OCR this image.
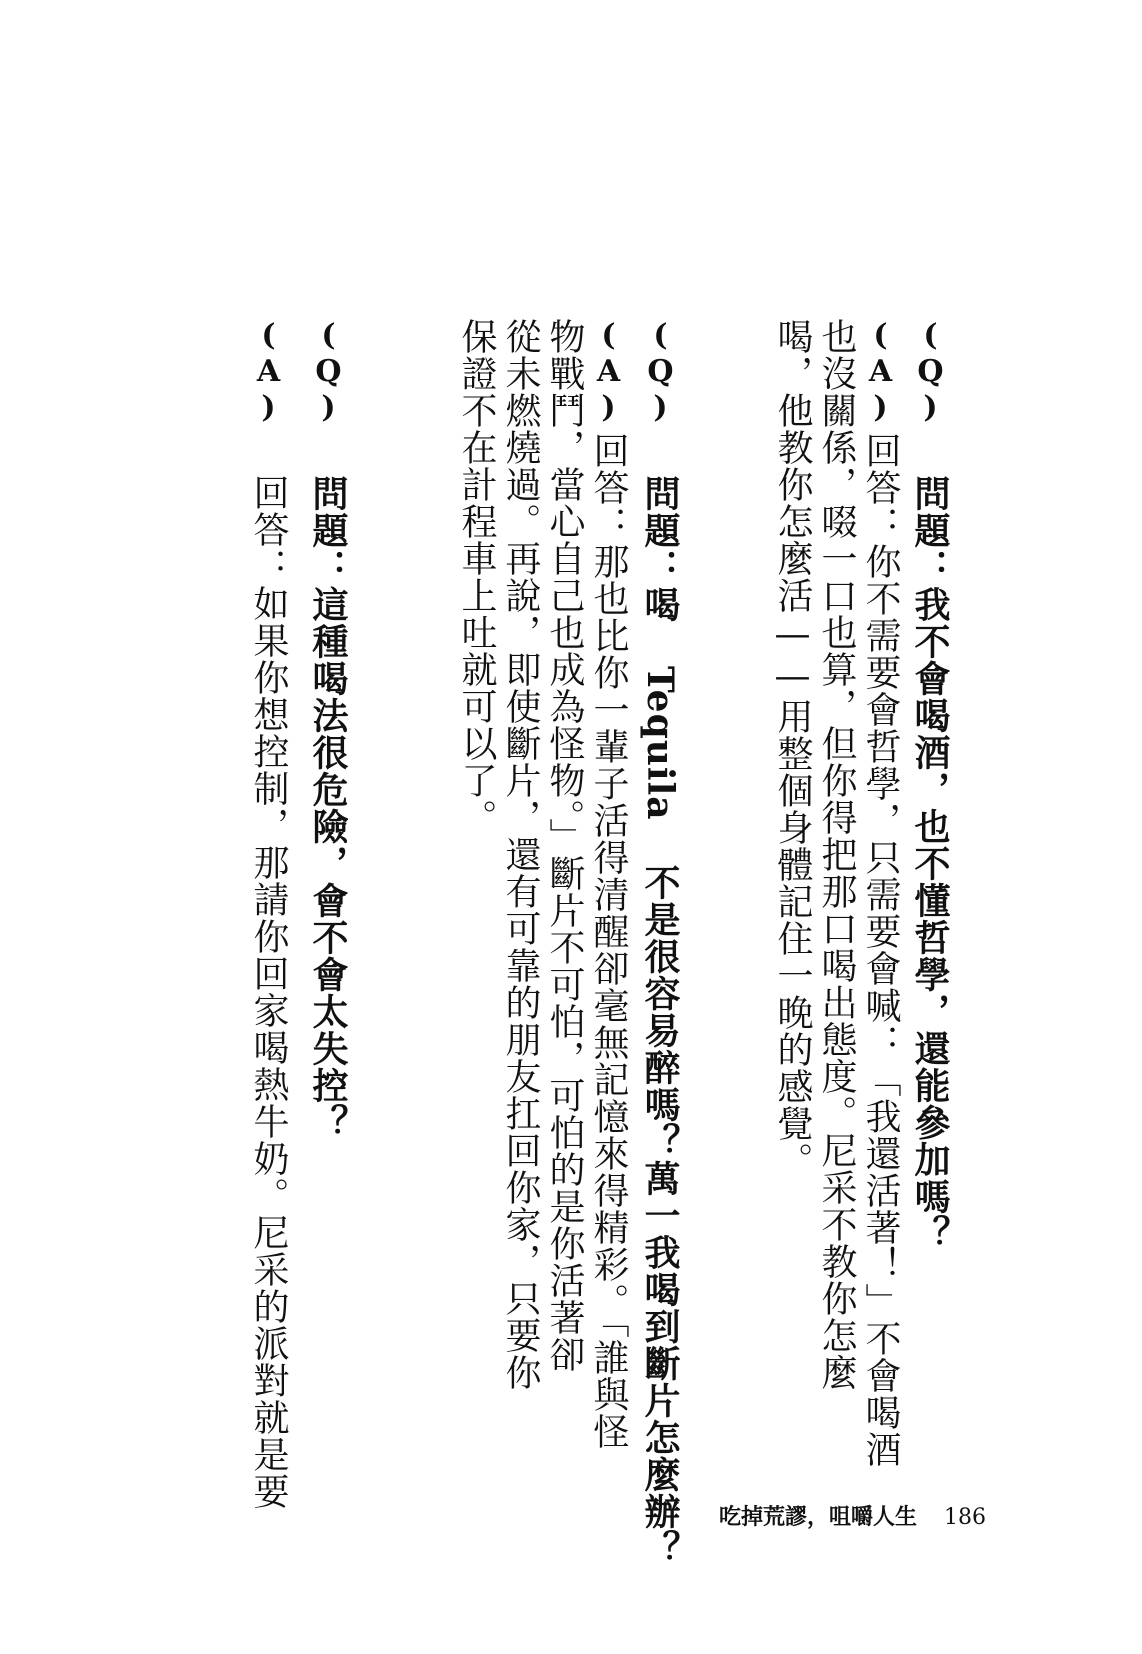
(Q) 問題：我不會喝酒，也不懂哲學，還能參加嗎？
(A)回答：你不需要會哲學，只需要會喊：「我還活著！」不會喝酒
也沒關係，啜一口也算，但你得把那口喝出態度。尼采不教你怎麼
喝，他教你怎麼活——用整個身體記住一晚的感覺。
(Q) 問題：喝 Tequila 不是很容易醉嗎？萬一我喝到斷片怎麼辦？
(A)回答：那也比你一輩子活得清醒卻毫無記憶來得精彩。「誰與怪
物戰鬥，當心自己也成為怪物。」斷片不可怕，可怕的是你活著卻
從未燃燒過。再說，即使斷片，還有可靠的朋友扛回你家，只要你
保證不在計程車上吐就可以了。
(Q) 問題：這種喝法很危險，會不會太失控？
(A) 回答：如果你想控制，那請你回家喝熱牛奶。尼采的派對就是要
吃掉荒謬，咀嚼人生 186
